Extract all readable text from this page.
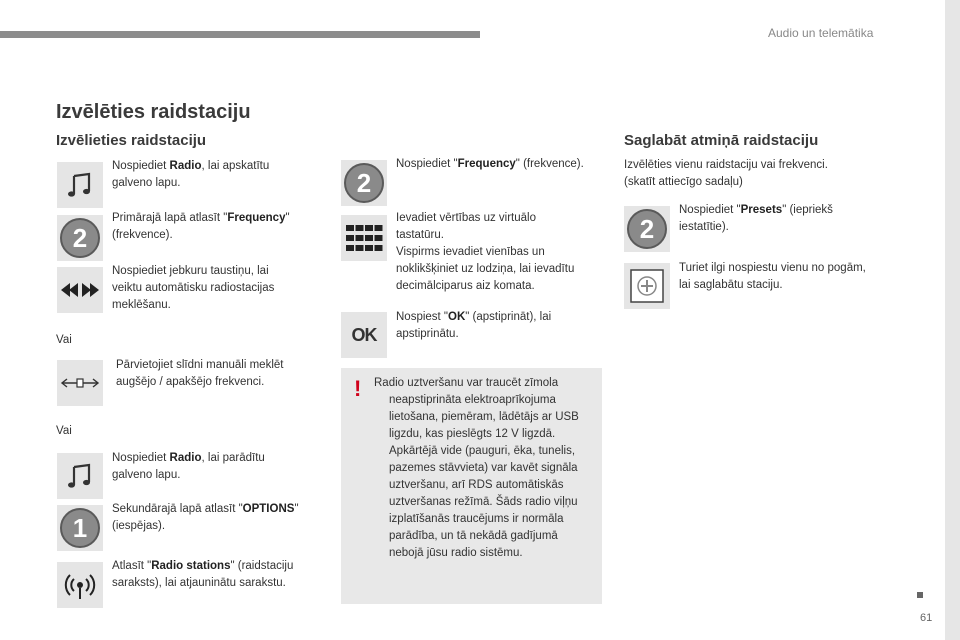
Audio un telemātika
61
Izvēlēties raidstaciju
Izvēlieties raidstaciju
Nospiediet Radio, lai apskatītu
galveno lapu.
2
Primārajā lapā atlasīt "Frequency"
(frekvence).
Nospiediet jebkuru taustiņu, lai
veiktu automātisku radiostacijas
meklēšanu.
Vai
Pārvietojiet slīdni manuāli meklēt
augšējo / apakšējo frekvenci.
Vai
Nospiediet Radio, lai parādītu
galveno lapu.
1
Sekundārajā lapā atlasīt "OPTIONS"
(iespējas).
Atlasīt "Radio stations" (raidstaciju
saraksts), lai atjauninātu sarakstu.
2
Nospiediet "Frequency" (frekvence).
Ievadiet vērtības uz virtuālo
tastatūru.
Vispirms ievadiet vienības un
noklikšķiniet uz lodziņa, lai ievadītu
decimālciparus aiz komata.
OK
Nospiest "OK" (apstiprināt), lai
apstiprinātu.
! Radio uztveršanu var traucēt zīmola
neapstiprināta elektroaprīkojuma
lietošana, piemēram, lādētājs ar USB
ligzdu, kas pieslēgts 12 V ligzdā.
Apkārtējā vide (pauguri, ēka, tunelis,
pazemes stāvvieta) var kavēt signāla
uztveršanu, arī RDS automātiskās
uztveršanas režīmā. Šāds radio viļņu
izplatīšanās traucējums ir normāla
parādība, un tā nekādā gadījumā
nebojā jūsu radio sistēmu.
Saglabāt atmiņā raidstaciju
Izvēlēties vienu raidstaciju vai frekvenci.
(skatīt attiecīgo sadaļu)
2
Nospiediet "Presets" (iepriekš
iestatītie).
Turiet ilgi nospiestu vienu no pogām,
lai saglabātu staciju.
